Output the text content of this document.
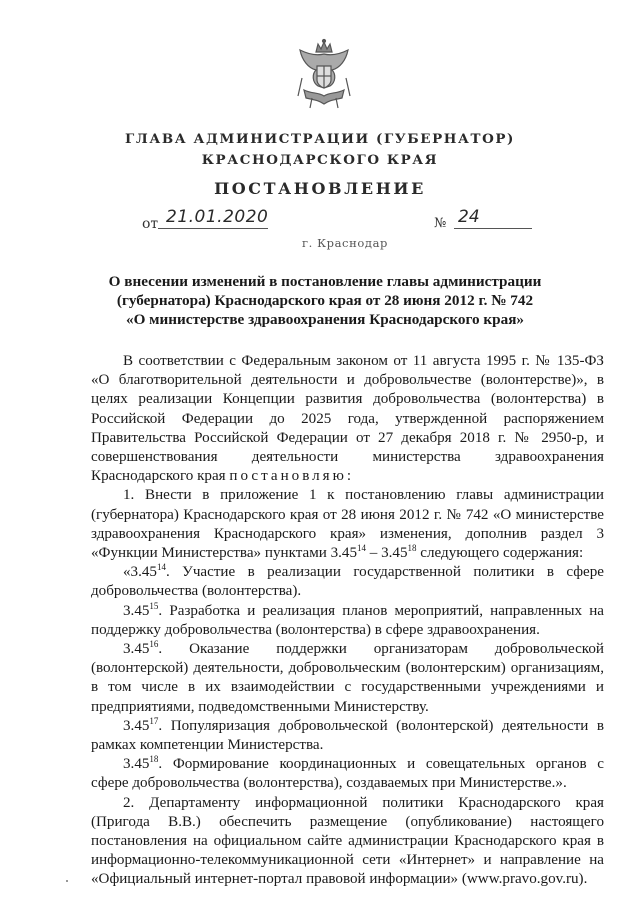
ГЛАВА АДМИНИСТРАЦИИ (ГУБЕРНАТОР)
КРАСНОДАРСКОГО КРАЯ
ПОСТАНОВЛЕНИЕ
от 21.01.2020	№ 24
г. Краснодар
О внесении изменений в постановление главы администрации
(губернатора) Краснодарского края от 28 июня 2012 г. № 742
«О министерстве здравоохранения Краснодарского края»

В соответствии с Федеральным законом от 11 августа 1995 г. № 135-ФЗ «О благотворительной деятельности и добровольчестве (волонтерстве)», в целях реализации Концепции развития добровольчества (волонтерства) в Российской Федерации до 2025 года, утвержденной распоряжением Правительства Российской Федерации от 27 декабря 2018 г. № 2950-р, и совершенствования деятельности министерства здравоохранения Краснодарского края постановляю:

1. Внести в приложение 1 к постановлению главы администрации (губернатора) Краснодарского края от 28 июня 2012 г. № 742 «О министерстве здравоохранения Краснодарского края» изменения, дополнив раздел 3 «Функции Министерства» пунктами 3.45$^{14}$ – 3.45$^{18}$ следующего содержания:

«3.45$^{14}$. Участие в реализации государственной политики в сфере добровольчества (волонтерства).

3.45$^{15}$. Разработка и реализация планов мероприятий, направленных на поддержку добровольчества (волонтерства) в сфере здравоохранения.

3.45$^{16}$. Оказание поддержки организаторам добровольческой (волонтерской) деятельности, добровольческим (волонтерским) организациям, в том числе в их взаимодействии с государственными учреждениями и предприятиями, подведомственными Министерству.

3.45$^{17}$. Популяризация добровольческой (волонтерской) деятельности в рамках компетенции Министерства.

3.45$^{18}$. Формирование координационных и совещательных органов с сфере добровольчества (волонтерства), создаваемых при Министерстве.».

2. Департаменту информационной политики Краснодарского края (Пригода В.В.) обеспечить размещение (опубликование) настоящего постановления на официальном сайте администрации Краснодарского края в информационно-телекоммуникационной сети «Интернет» и направление на «Официальный интернет-портал правовой информации» (www.pravo.gov.ru).
